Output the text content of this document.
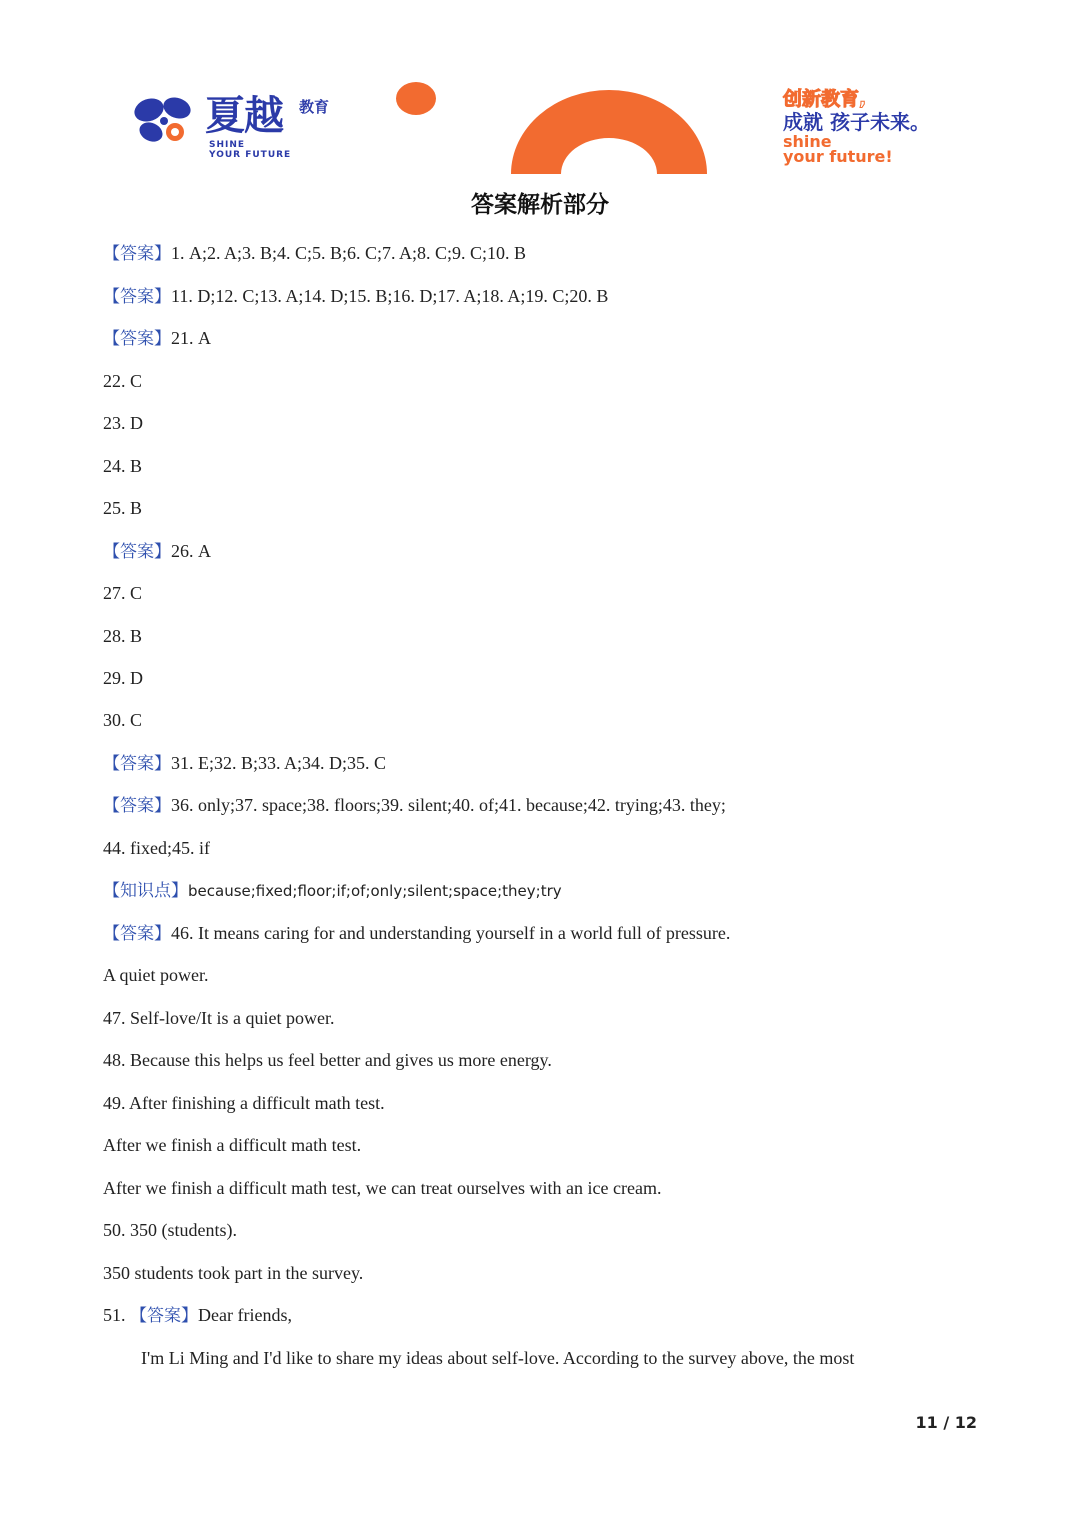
夏越 教育
SHINE
YOUR FUTURE
创新教育,
成就 孩子未来。
shine
your future!
答案解析部分
【答案】1. A;2. A;3. B;4. C;5. B;6. C;7. A;8. C;9. C;10. B
【答案】11. D;12. C;13. A;14. D;15. B;16. D;17. A;18. A;19. C;20. B
【答案】21. A
22. C
23. D
24. B
25. B
【答案】26. A
27. C
28. B
29. D
30. C
【答案】31. E;32. B;33. A;34. D;35. C
【答案】36. only;37. space;38. floors;39. silent;40. of;41. because;42. trying;43. they;
44. fixed;45. if
【知识点】because;fixed;floor;if;of;only;silent;space;they;try
【答案】46. It means caring for and understanding yourself in a world full of pressure.
A quiet power.
47. Self-love/It is a quiet power.
48. Because this helps us feel better and gives us more energy.
49. After finishing a difficult math test.
After we finish a difficult math test.
After we finish a difficult math test, we can treat ourselves with an ice cream.
50. 350 (students).
350 students took part in the survey.
51. 【答案】Dear friends,
I'm Li Ming and I'd like to share my ideas about self-love. According to the survey above, the most
11 / 12
